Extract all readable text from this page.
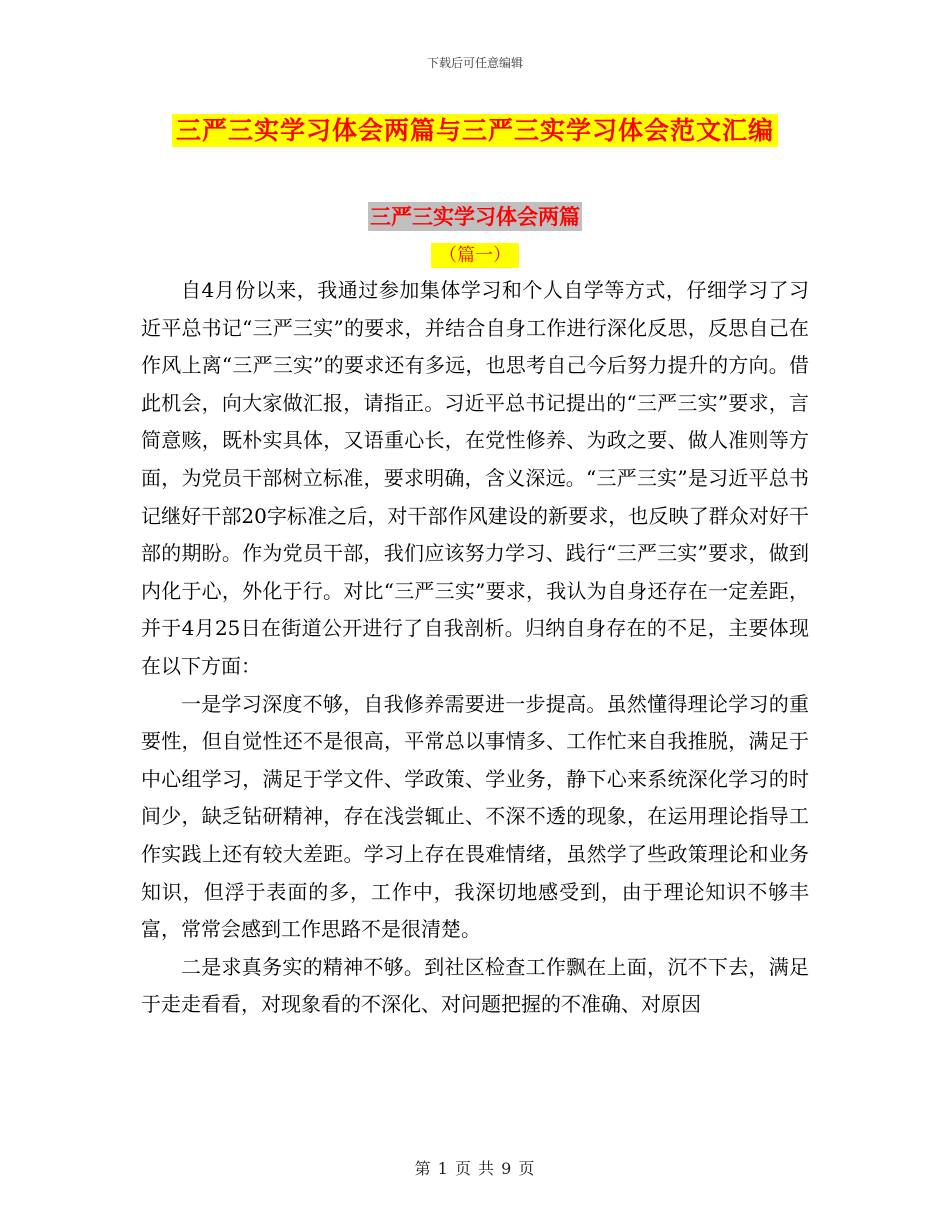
下载后可任意编辑
三严三实学习体会两篇与三严三实学习体会范文汇编
三严三实学习体会两篇
（篇一）

自4月份以来，我通过参加集体学习和个人自学等方式，仔细学习了习近平总书记“三严三实”的要求，并结合自身工作进行深化反思，反思自己在作风上离“三严三实”的要求还有多远，也思考自己今后努力提升的方向。借此机会，向大家做汇报，请指正。习近平总书记提出的“三严三实”要求，言简意赅，既朴实具体，又语重心长，在党性修养、为政之要、做人准则等方面，为党员干部树立标准，要求明确，含义深远。“三严三实”是习近平总书记继好干部20字标准之后，对干部作风建设的新要求，也反映了群众对好干部的期盼。作为党员干部，我们应该努力学习、践行“三严三实”要求，做到内化于心，外化于行。对比“三严三实”要求，我认为自身还存在一定差距，并于4月25日在街道公开进行了自我剖析。归纳自身存在的不足，主要体现在以下方面：

一是学习深度不够，自我修养需要进一步提高。虽然懂得理论学习的重要性，但自觉性还不是很高，平常总以事情多、工作忙来自我推脱，满足于中心组学习，满足于学文件、学政策、学业务，静下心来系统深化学习的时间少，缺乏钻研精神，存在浅尝辄止、不深不透的现象，在运用理论指导工作实践上还有较大差距。学习上存在畏难情绪，虽然学了些政策理论和业务知识，但浮于表面的多，工作中，我深切地感受到，由于理论知识不够丰富，常常会感到工作思路不是很清楚。

二是求真务实的精神不够。到社区检查工作飘在上面，沉不下去，满足于走走看看，对现象看的不深化、对问题把握的不准确、对原因

第 1 页 共 9 页
